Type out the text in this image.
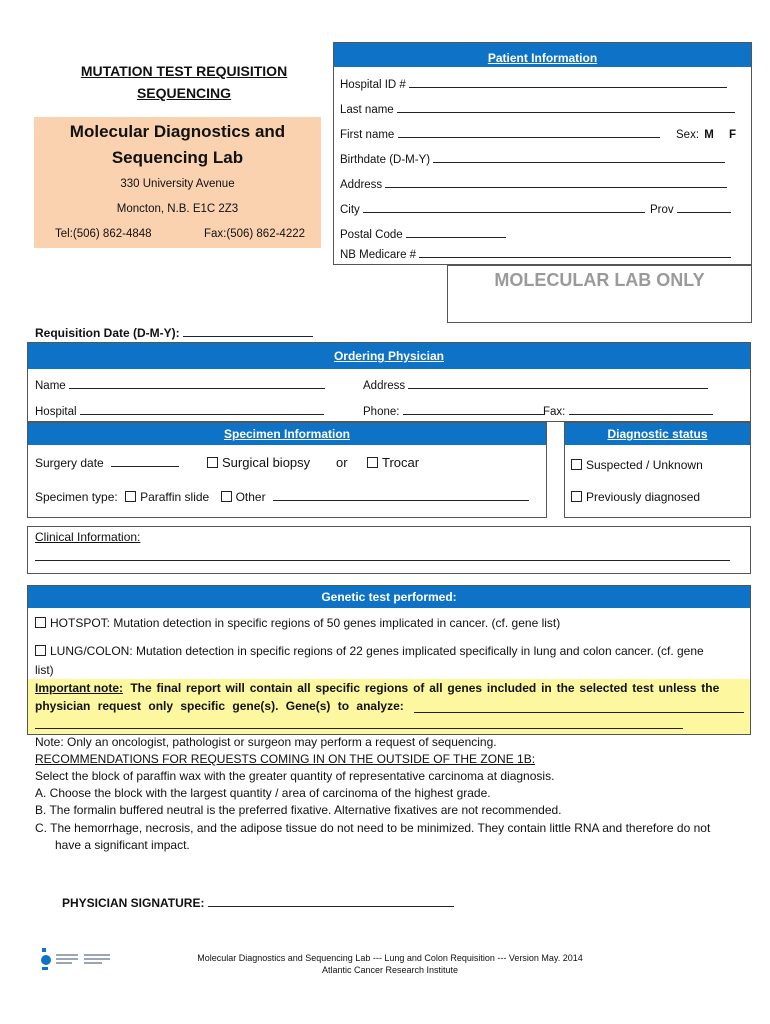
MUTATION TEST REQUISITION
SEQUENCING
Molecular Diagnostics and
Sequencing Lab
330 University Avenue
Moncton, N.B. E1C 2Z3
Tel:(506) 862-4848	Fax:(506) 862-4222
Patient Information
Hospital ID #
Last name
First name	Sex: M F
Birthdate (D-M-Y)
Address
City	Prov
Postal Code
NB Medicare #
MOLECULAR LAB ONLY
Requisition Date (D-M-Y):
Ordering Physician
Name	Address
Hospital	Phone:	Fax:
Specimen Information
Surgery date	Surgical biopsy or	Trocar
Specimen type: Paraffin slide Other
Diagnostic status
Suspected / Unknown
Previously diagnosed
Clinical Information:
Genetic test performed:
HOTSPOT: Mutation detection in specific regions of 50 genes implicated in cancer. (cf. gene list)
LUNG/COLON: Mutation detection in specific regions of 22 genes implicated specifically in lung and colon cancer. (cf. gene
list)
Important note: The final report will contain all specific regions of all genes included in the selected test unless the
physician request only specific gene(s). Gene(s) to analyze:
Note: Only an oncologist, pathologist or surgeon may perform a request of sequencing.
RECOMMENDATIONS FOR REQUESTS COMING IN ON THE OUTSIDE OF THE ZONE 1B:
Select the block of paraffin wax with the greater quantity of representative carcinoma at diagnosis.
A. Choose the block with the largest quantity / area of carcinoma of the highest grade.
B. The formalin buffered neutral is the preferred fixative. Alternative fixatives are not recommended.
C. The hemorrhage, necrosis, and the adipose tissue do not need to be minimized. They contain little RNA and therefore do not
have a significant impact.
PHYSICIAN SIGNATURE:
Molecular Diagnostics and Sequencing Lab --- Lung and Colon Requisition --- Version May. 2014
Atlantic Cancer Research Institute
